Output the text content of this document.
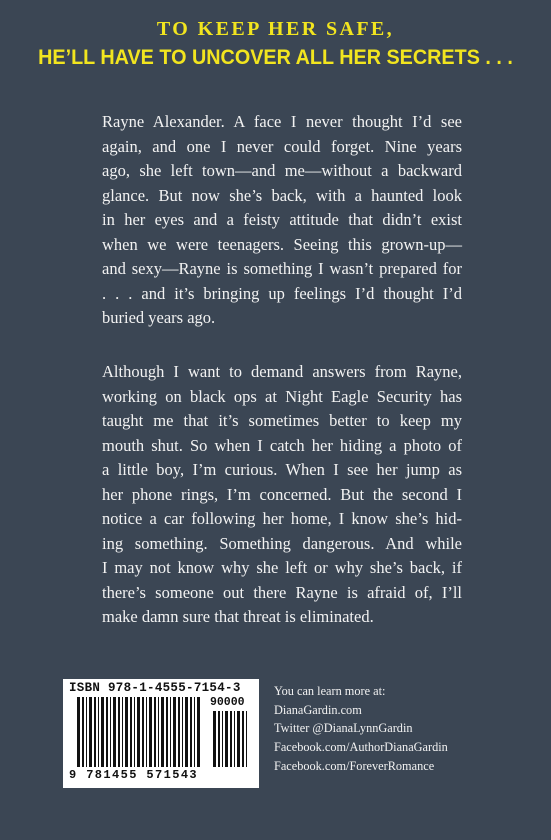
TO KEEP HER SAFE,
HE’LL HAVE TO UNCOVER ALL HER SECRETS . . .
Rayne Alexander. A face I never thought I’d see
again, and one I never could forget. Nine years
ago, she left town—and me—without a backward
glance. But now she’s back, with a haunted look
in her eyes and a feisty attitude that didn’t exist
when we were teenagers. Seeing this grown-up—
and sexy—Rayne is something I wasn’t prepared for
. . . and it’s bringing up feelings I’d thought I’d
buried years ago.
Although I want to demand answers from Rayne,
working on black ops at Night Eagle Security has
taught me that it’s sometimes better to keep my
mouth shut. So when I catch her hiding a photo of
a little boy, I’m curious. When I see her jump as
her phone rings, I’m concerned. But the second I
notice a car following her home, I know she’s hid-
ing something. Something dangerous. And while
I may not know why she left or why she’s back, if
there’s someone out there Rayne is afraid of, I’ll
make damn sure that threat is eliminated.
ISBN 978-1-4555-7154-3
90000
9 781455 571543
You can learn more at:
DianaGardin.com
Twitter @DianaLynnGardin
Facebook.com/AuthorDianaGardin
Facebook.com/ForeverRomance
